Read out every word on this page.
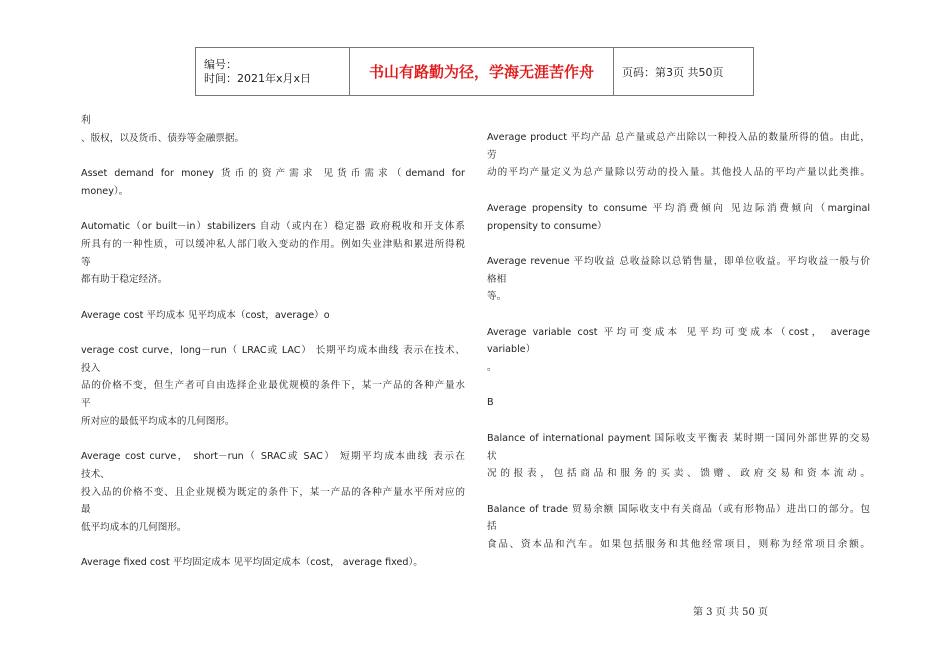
编号：
时间：2021年x月x日	书山有路勤为径，学海无涯苦作舟	页码：第3页 共50页

利

、版权，以及货币、债券等金融票据。

Asset demand for money 货币的资产需求 见货币需求（demand for

money）。

Automatic（or built－in）stabilizers 自动（或内在）稳定器 政府税收和开支体系

所具有的一种性质，可以缓冲私人部门收入变动的作用。例如失业津贴和累进所得税

等

都有助于稳定经济。

Average cost 平均成本 见平均成本（cost，average）o

verage cost curve，long－run（ LRAC或 LAC） 长期平均成本曲线 表示在技术、

投入

品的价格不变，但生产者可自由选择企业最优规模的条件下，某一产品的各种产量水

平

所对应的最低平均成本的几何图形。

Average cost curve， short－run（ SRAC或 SAC） 短期平均成本曲线 表示在

技术、

投入品的价格不变、且企业规模为既定的条件下，某一产品的各种产量水平所对应的

最

低平均成本的几何图形。

Average fixed cost 平均固定成本 见平均固定成本（cost， average fixed）。

Average product 平均产品 总产量或总产出除以一种投入品的数量所得的值。由此，

劳

动的平均产量定义为总产量除以劳动的投入量。其他投人品的平均产量以此类推。

Average propensity to consume 平均消费倾向 见边际消费倾向（marginal

propensity to consume）

Average revenue 平均收益 总收益除以总销售量，即单位收益。平均收益一般与价

格相

等。

Average variable cost 平均可变成本 见平均可变成本（cost， average

variable）

。

B

Balance of international payment 国际收支平衡表 某时期一国同外部世界的交易

状

况的报表，包括商品和服务的买卖、馈赠、政府交易和资本流动。

Balance of trade 贸易余额 国际收支中有关商品（或有形物品）进出口的部分。包

括

食品、资本品和汽车。如果包括服务和其他经常项目，则称为经常项目余额。

第 3 页 共 50 页
